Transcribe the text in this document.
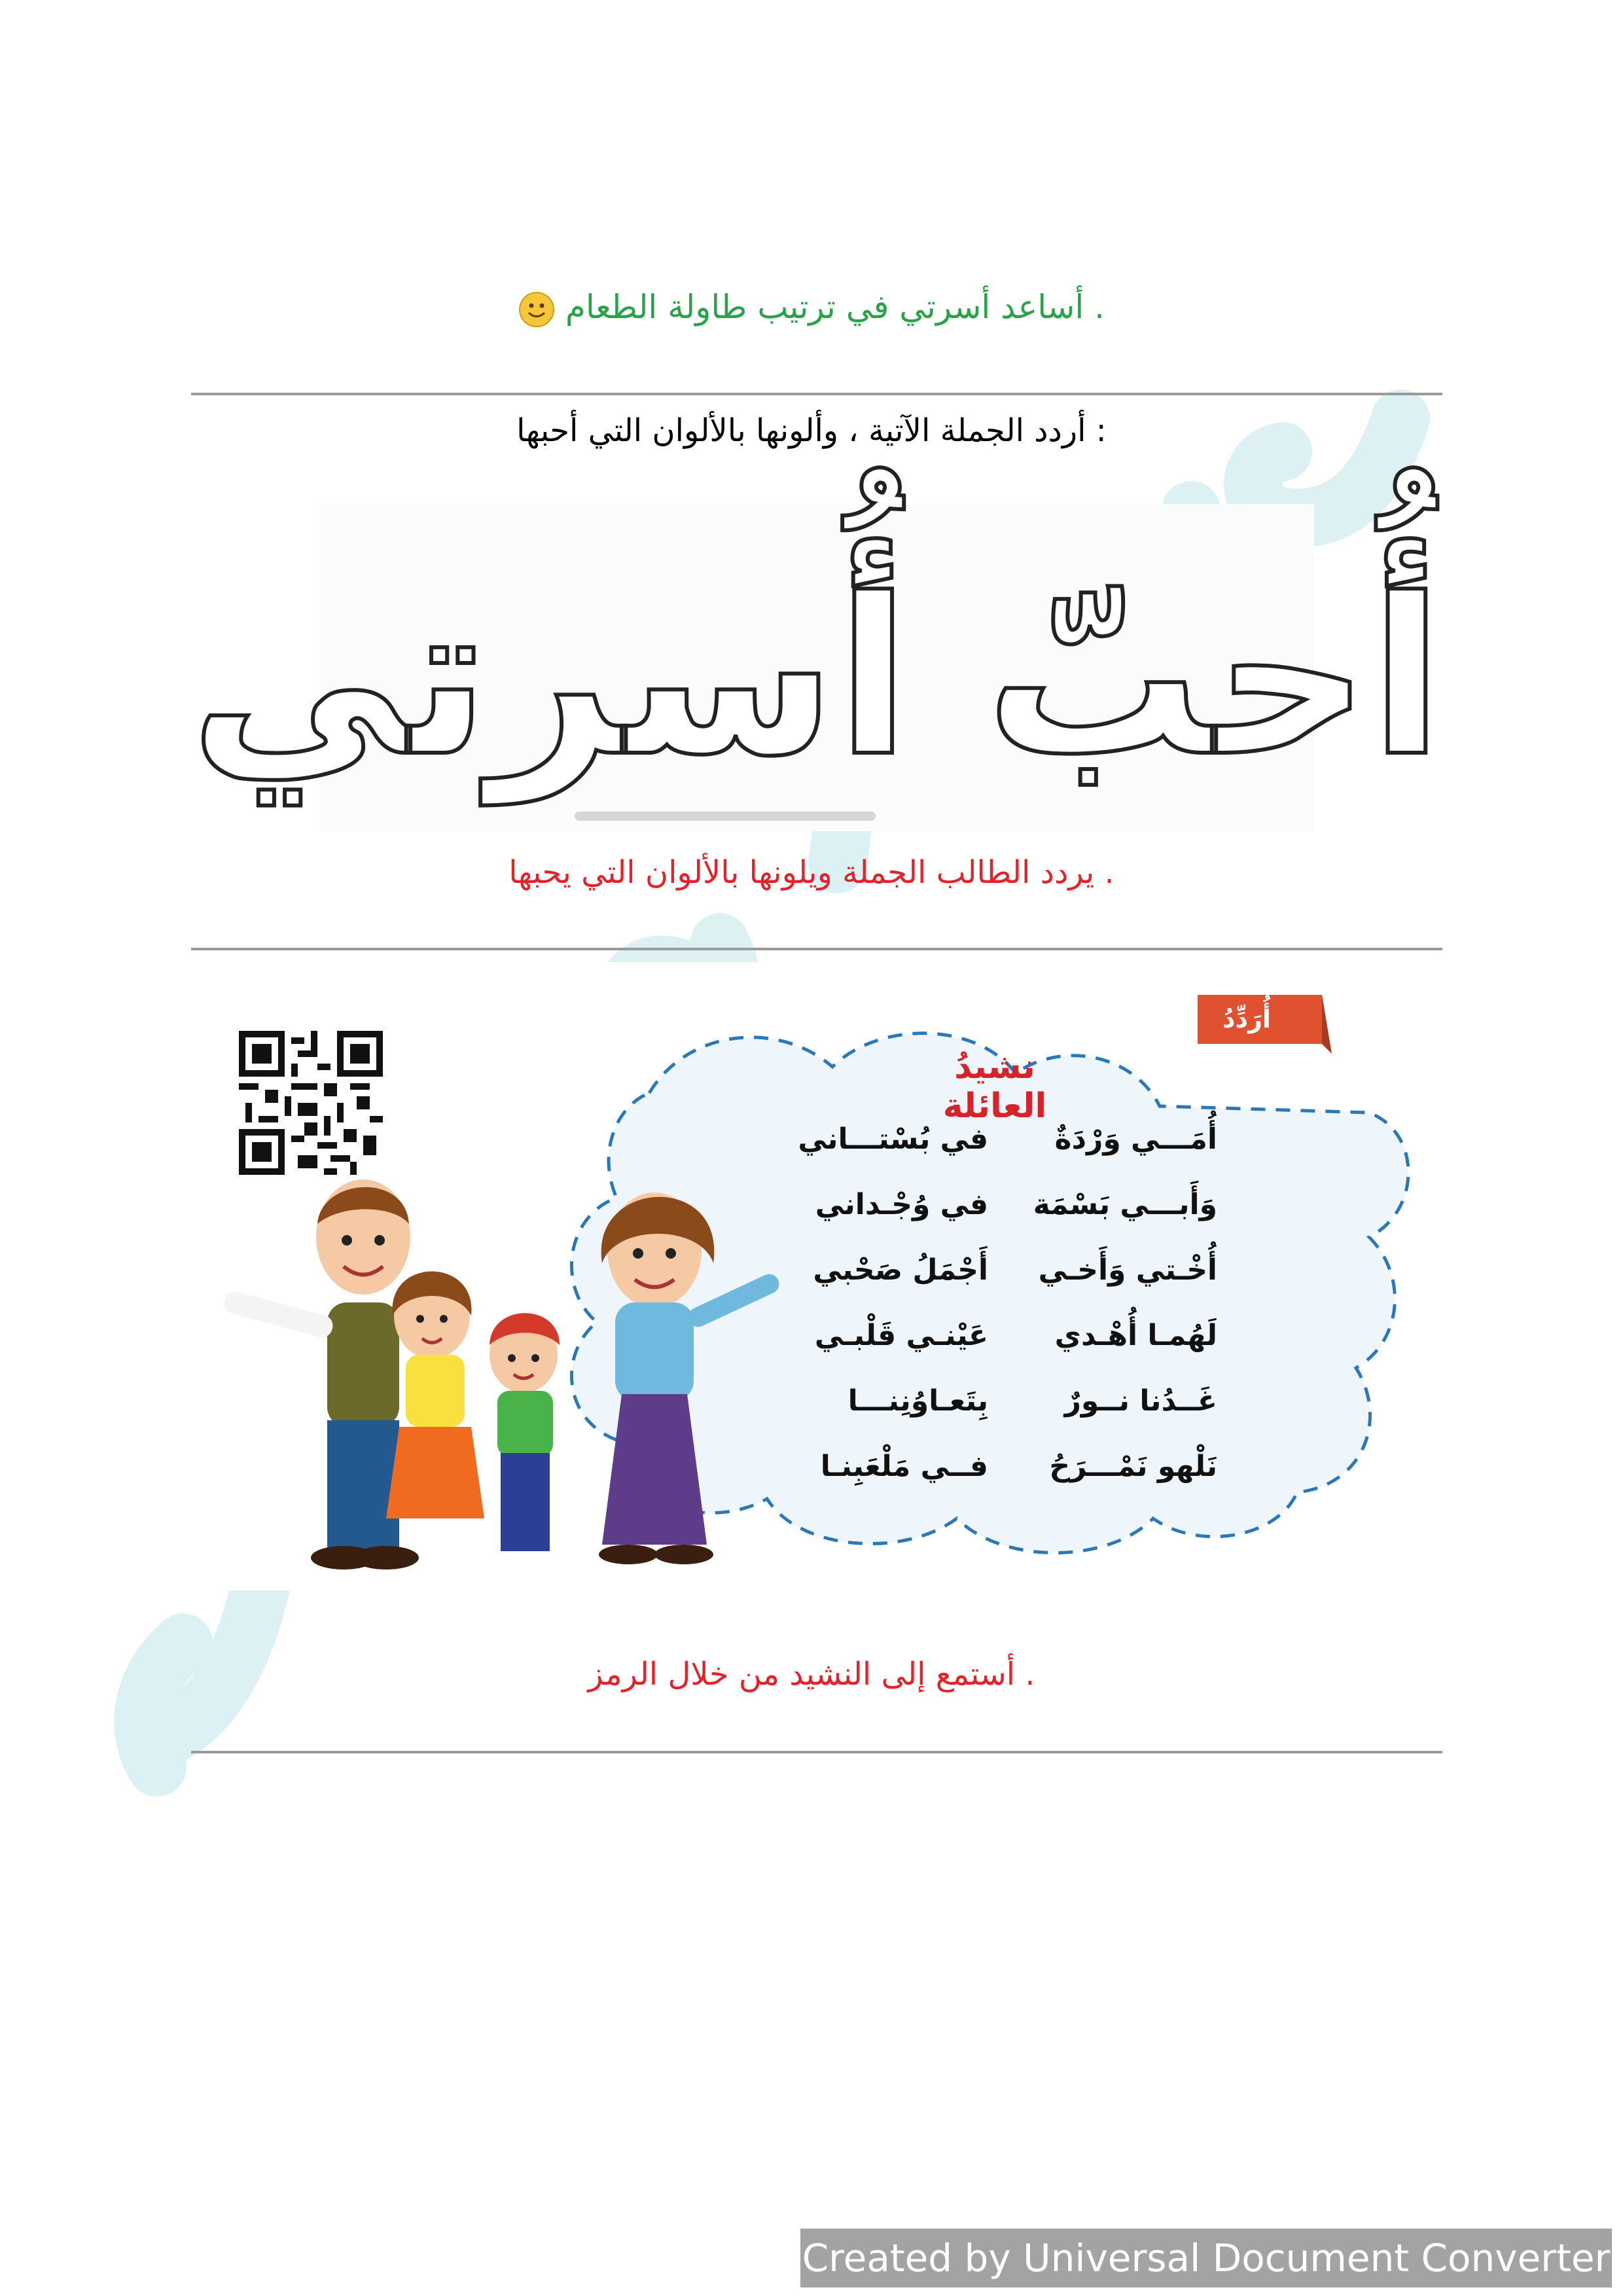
. أساعد أسرتي في ترتيب طاولة الطعام
: أردد الجملة الآتية ، وألونها بالألوان التي أحبها
أُحبّ أُسرتي
. يردد الطالب الجملة ويلونها بالألوان التي يحبها
أُرَدِّدُ
نشيدُ العائلة
أُمَـــي وَرْدَةٌ
في بُسْتـــاني
وَأَبـــي بَسْمَة
في وُجْـداني
أُخْـتي وَأَخـي
أَجْمَلُ صَحْبي
لَهُمـا أُهْـدي
عَيْنـي قَلْبـي
غَــدُنا نــورٌ
بِتَعـاوُنِنـــا
نَلْهو نَمْـــرَحُ
فــي مَلْعَبِنـا
. أستمع إلى النشيد من خلال الرمز
Created by Universal Document Converter
